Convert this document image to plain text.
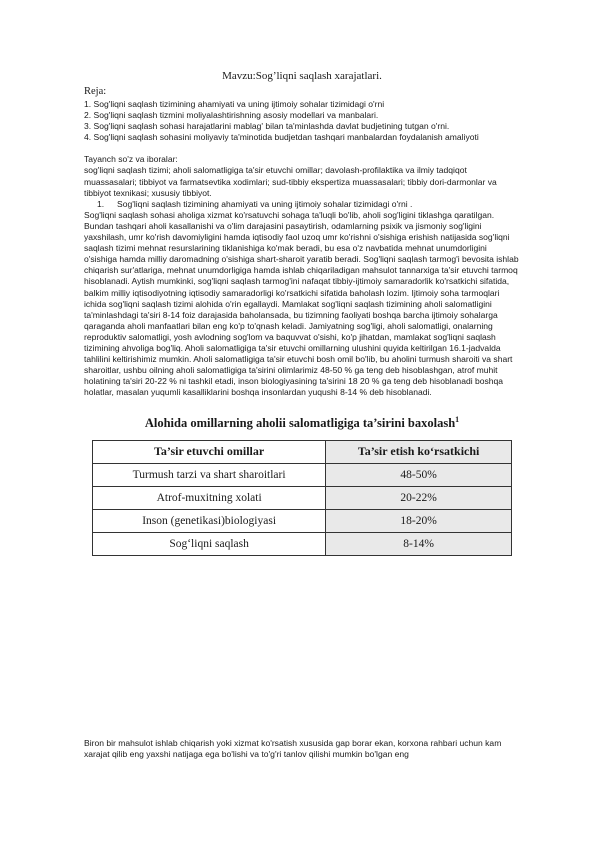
Mavzu:Sog’liqni saqlash xarajatlari.

Reja:

1. Sog'liqni saqlash tizimining ahamiyati va uning ijtimoiy sohalar tizimidagi o'rni
2. Sog'liqni saqlash tizmini moliyalashtirishning asosiy modellari va manbalari.
3. Sog'liqni saqlash sohasi harajatlarini mablag' bilan ta'minlashda davlat budjetining tutgan o'rni.
4. Sog'liqni saqlash sohasini moliyaviy ta'minotida budjetdan tashqari manbalardan foydalanish amaliyoti

Tayanch so'z va iboralar:

sog'liqni saqlash tizimi; aholi salomatligiga ta'sir etuvchi omillar; davolash-profilaktika va ilmiy tadqiqot muassasalari; tibbiyot va farmatsevtika xodimlari; sud-tibbiy ekspertiza muassasalari; tibbiy dori-darmonlar va tibbiyot texnikasi; xususiy tibbiyot.

1. Sog'liqni saqlash tizimining ahamiyati va uning ijtimoiy sohalar tizimidagi o'rni .

Sog'liqni saqlash sohasi aholiga xizmat ko'rsatuvchi sohaga ta'luqli bo'lib, aholi sog'ligini tiklashga qaratilgan. Bundan tashqari aholi kasallanishi va o'lim darajasini pasaytirish, odamlarning psixik va jismoniy sog'ligini yaxshilash, umr ko'rish davomiyligini hamda iqtisodiy faol uzoq umr ko'rishni o'sishiga erishish natijasida sog'liqni saqlash tizimi mehnat resurslarining tiklanishiga ko'mak beradi, bu esa o'z navbatida mehnat unumdorligini o'sishiga hamda milliy daromadning o'sishiga shart-sharoit yaratib beradi. Sog'liqni saqlash tarmog'i bevosita ishlab chiqarish sur'atlariga, mehnat unumdorligiga hamda ishlab chiqariladigan mahsulot tannarxiga ta'sir etuvchi tarmoq hisoblanadi. Aytish mumkinki, sog'liqni saqlash tarmog'ini nafaqat tibbiy-ijtimoiy samaradorlik ko'rsatkichi sifatida, balkim milliy iqtisodiyotning iqtisodiy samaradorligi ko'rsatkichi sifatida baholash lozim. Ijtimoiy soha tarmoqlari ichida sog'liqni saqlash tizimi alohida o'rin egallaydi. Mamlakat sog'liqni saqlash tizimining aholi salomatligini ta'minlashdagi ta'siri 8-14 foiz darajasida baholansada, bu tizimning faoliyati boshqa barcha ijtimoiy sohalarga qaraganda aholi manfaatlari bilan eng ko'p to'qnash keladi. Jamiyatning sog'ligi, aholi salomatligi, onalarning reproduktiv salomatligi, yosh avlodning sog'lom va baquvvat o'sishi, ko'p jihatdan, mamlakat sog'liqni saqlash tizimining ahvoliga bog'liq. Aholi salomatligiga ta'sir etuvchi omillarning ulushini quyida keltirilgan 16.1-jadvalda tahlilini keltirishimiz mumkin. Aholi salomatligiga ta'sir etuvchi bosh omil bo'lib, bu aholini turmush sharoiti va shart sharoitlar, ushbu oilning aholi salomatligiga ta'sirini olimlarimiz 48-50 % ga teng deb hisoblashgan, atrof muhit holatining ta'siri 20-22 % ni tashkil etadi, inson biologiyasining ta'sirini 18 20 % ga teng deb hisoblanadi boshqa holatlar, masalan yuqumli kasalliklarini boshqa insonlardan yuqushi 8-14 % deb hisoblanadi.

Alohida omillarning aholii salomatligiga ta’sirini baxolash$^1$
Ta’sir etuvchi omillar	Ta’sir etish ko‘rsatkichi
Turmush tarzi va shart sharoitlari	48-50%
Atrof-muxitning xolati	20-22%
Inson (genetikasi)biologiyasi	18-20%
Sog‘liqni saqlash	8-14%

Biron bir mahsulot ishlab chiqarish yoki xizmat ko'rsatish xususida gap borar ekan, korxona rahbari uchun kam xarajat qilib eng yaxshi natijaga ega bo'lishi va to'g'ri tanlov qilishi mumkin bo'lgan eng
